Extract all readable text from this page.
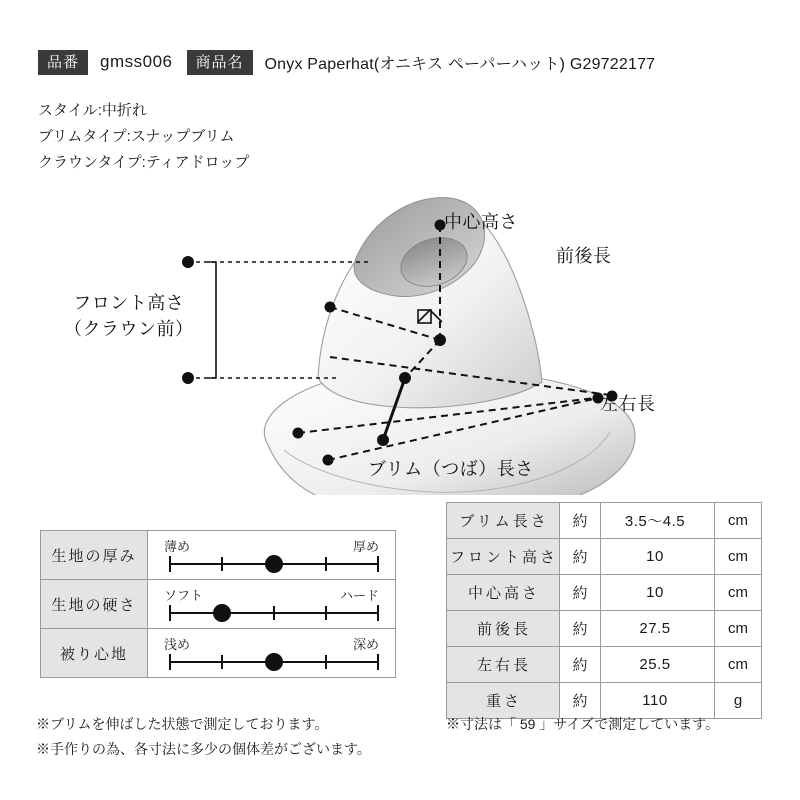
品番	gmss006	商品名	Onyx Paperhat(オニキス ペーパーハット) G29722177
スタイル:中折れ
ブリムタイプ:スナップブリム
クラウンタイプ:ティアドロップ
中心高さ
前後長
フロント高さ
（クラウン前）
左右長
ブリム（つば）長さ
生地の厚み	薄め 厚め

生地の硬さ	ソフト ハード

被り心地	浅め 深め
ブリム長さ	約	3.5〜4.5	cm
フロント高さ	約	10	cm
中心高さ	約	10	cm
前後長	約	27.5	cm
左右長	約	25.5	cm
重さ	約	110	g
※ブリムを伸ばした状態で測定しております。
※手作りの為、各寸法に多少の個体差がございます。
※寸法は「 59 」サイズで測定しています。
